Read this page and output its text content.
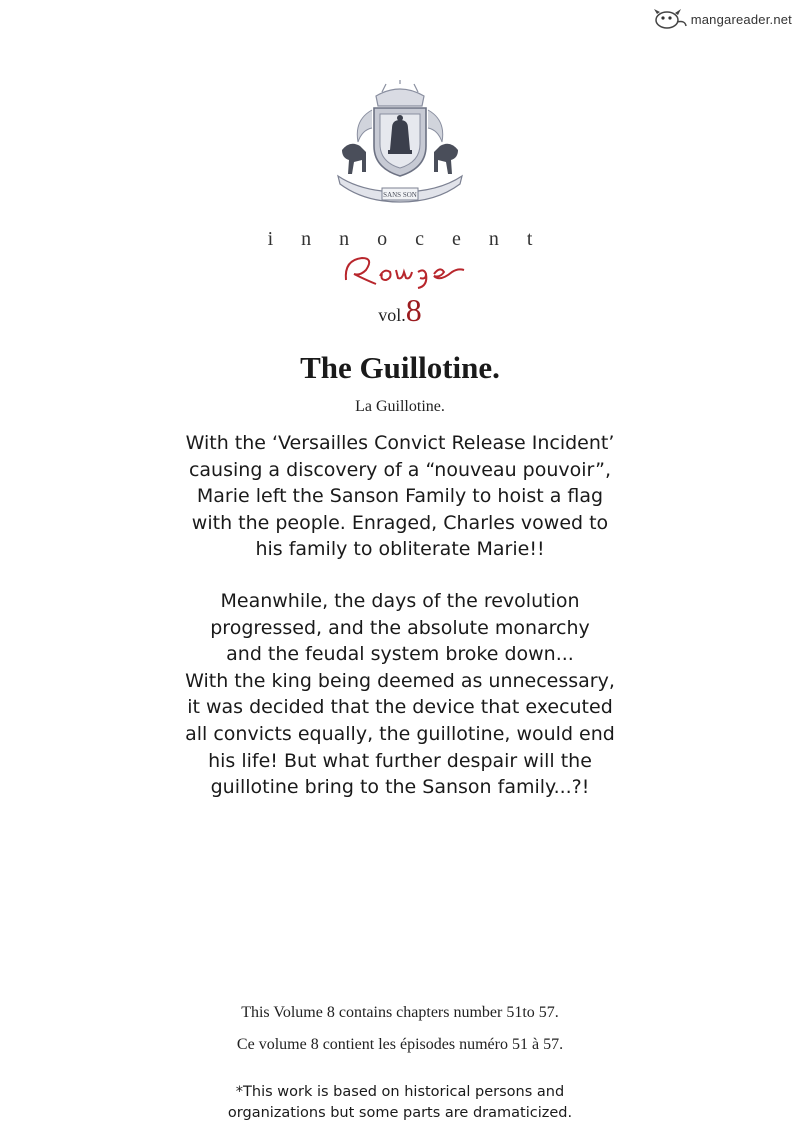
mangareader.net
SANS SON
innocent
vol.8
The Guillotine.
La Guillotine.

With the ‘Versailles Convict Release Incident’

causing a discovery of a “nouveau pouvoir”,

Marie left the Sanson Family to hoist a flag

with the people. Enraged, Charles vowed to

his family to obliterate Marie!!

Meanwhile, the days of the revolution

progressed, and the absolute monarchy

and the feudal system broke down...

With the king being deemed as unnecessary,

it was decided that the device that executed

all convicts equally, the guillotine, would end

his life! But what further despair will the

guillotine bring to the Sanson family...?!

This Volume 8 contains chapters number 51to 57.
Ce volume 8 contient les épisodes numéro 51 à 57.

*This work is based on historical persons and

organizations but some parts are dramaticized.
